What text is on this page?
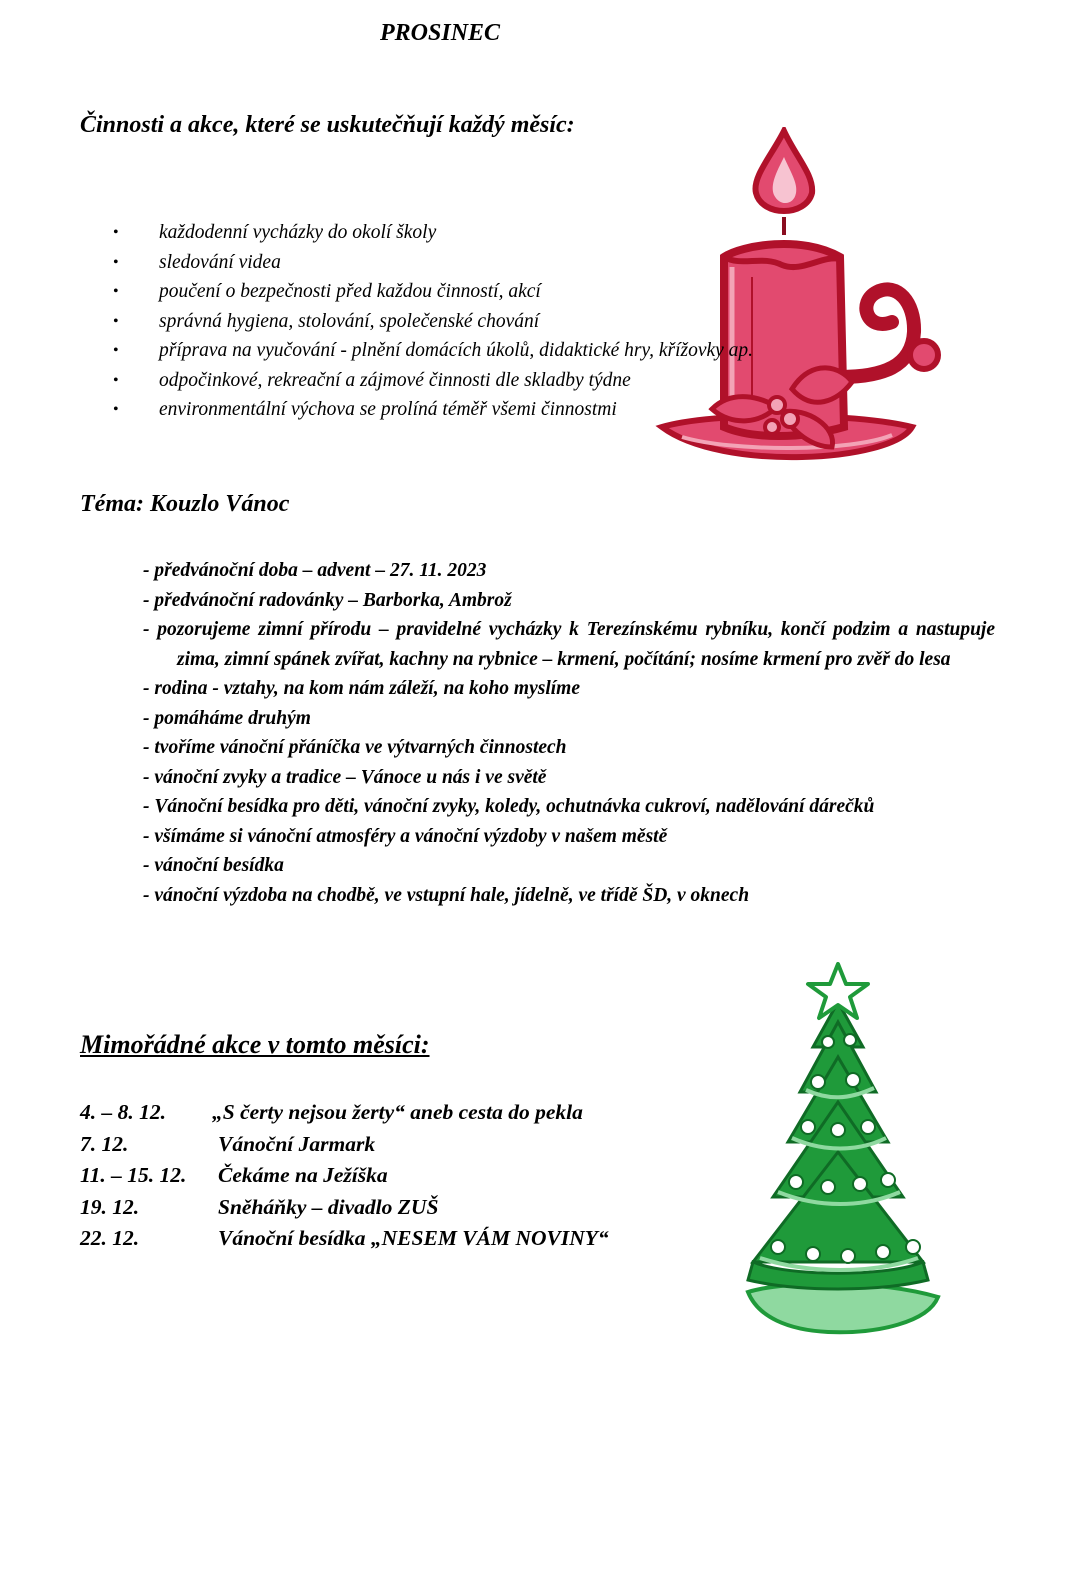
PROSINEC
Činnosti a akce, které se uskutečňují každý měsíc:
• každodenní vycházky do okolí školy
• sledování videa
• poučení o bezpečnosti před každou činností, akcí
• správná hygiena, stolování, společenské chování
• příprava na vyučování - plnění domácích úkolů, didaktické hry, křížovky ap.
• odpočinkové, rekreační a zájmové činnosti dle skladby týdne
• environmentální výchova se prolíná téměř všemi činnostmi
Téma: Kouzlo Vánoc
- předvánoční doba – advent – 27. 11. 2023
- předvánoční radovánky – Barborka, Ambrož
- pozorujeme zimní přírodu – pravidelné vycházky k Terezínskému rybníku, končí podzim a nastupuje zima, zimní spánek zvířat, kachny na rybnice – krmení, počítání; nosíme krmení pro zvěř do lesa
- rodina - vztahy, na kom nám záleží, na koho myslíme
- pomáháme druhým
- tvoříme vánoční přáníčka ve výtvarných činnostech
- vánoční zvyky a tradice – Vánoce u nás i ve světě
- Vánoční besídka pro děti, vánoční zvyky, koledy, ochutnávka cukroví, nadělování dárečků
- všímáme si vánoční atmosféry a vánoční výzdoby v našem městě
- vánoční besídka
- vánoční výzdoba na chodbě, ve vstupní hale, jídelně, ve třídě ŠD, v oknech
Mimořádné akce v tomto měsíci:
4. – 8. 12. „S čerty nejsou žerty“ aneb cesta do pekla
7. 12.	Vánoční Jarmark
11. – 15. 12. Čekáme na Ježíška
19. 12.	Sněháňky – divadlo ZUŠ
22. 12.	Vánoční besídka „NESEM VÁM NOVINY“
